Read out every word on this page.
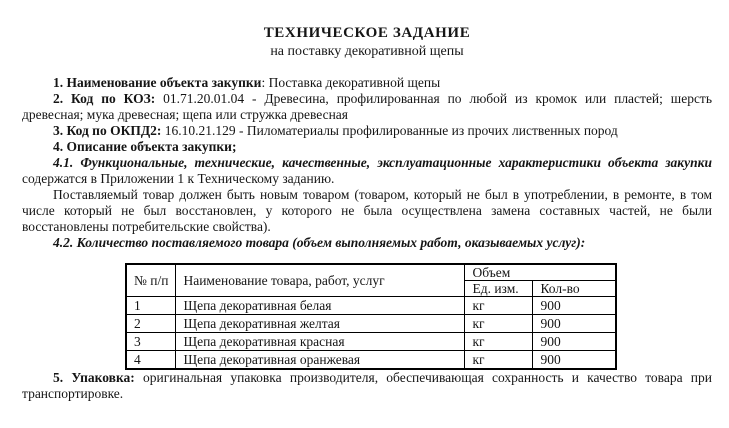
ТЕХНИЧЕСКОЕ ЗАДАНИЕ
на поставку декоративной щепы

1. Наименование объекта закупки: Поставка декоративной щепы

2. Код по КОЗ: 01.71.20.01.04 - Древесина, профилированная по любой из кромок или пластей; шерсть древесная; мука древесная; щепа или стружка древесная

3. Код по ОКПД2: 16.10.21.129 - Пиломатериалы профилированные из прочих лиственных пород

4. Описание объекта закупки;

4.1. Функциональные, технические, качественные, эксплуатационные характеристики объекта закупки содержатся в Приложении 1 к Техническому заданию.

Поставляемый товар должен быть новым товаром (товаром, который не был в употреблении, в ремонте, в том числе который не был восстановлен, у которого не была осуществлена замена составных частей, не были восстановлены потребительские свойства).

4.2. Количество поставляемого товара (объем выполняемых работ, оказываемых услуг):

№ п/п	Наименование товара, работ, услуг	Объем	
		Ед. изм.	Кол-во
1	Щепа декоративная белая	кг	900
2	Щепа декоративная желтая	кг	900
3	Щепа декоративная красная	кг	900
4	Щепа декоративная оранжевая	кг	900

5. Упаковка: оригинальная упаковка производителя, обеспечивающая сохранность и качество товара при транспортировке.
